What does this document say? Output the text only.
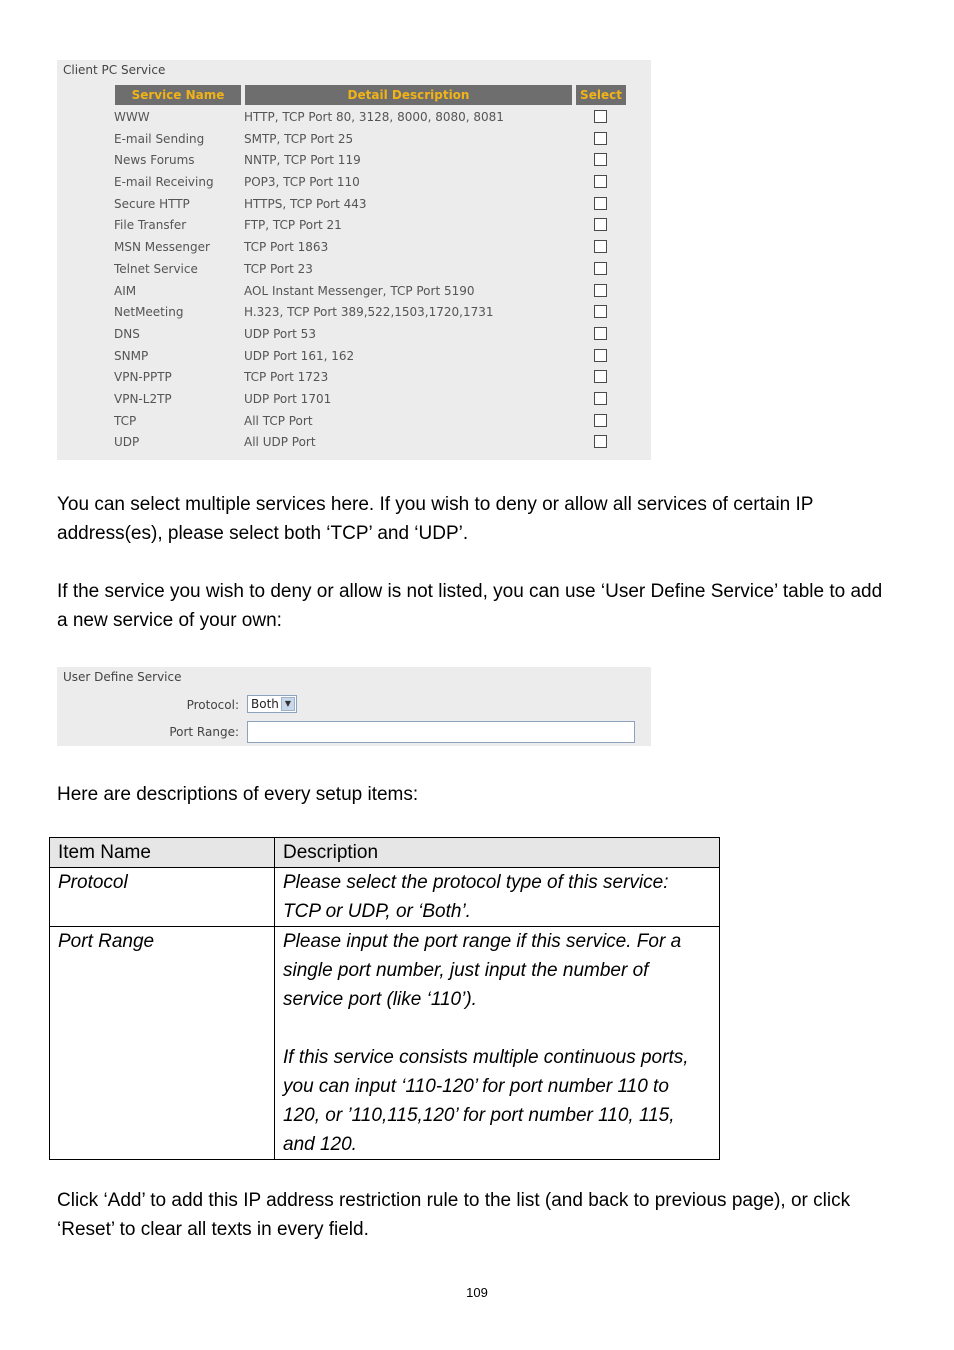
Client PC Service
Service Name	Detail Description	Select
WWW	HTTP, TCP Port 80, 3128, 8000, 8080, 8081
E-mail Sending	SMTP, TCP Port 25
News Forums	NNTP, TCP Port 119
E-mail Receiving	POP3, TCP Port 110
Secure HTTP	HTTPS, TCP Port 443
File Transfer	FTP, TCP Port 21
MSN Messenger	TCP Port 1863
Telnet Service	TCP Port 23
AIM	AOL Instant Messenger, TCP Port 5190
NetMeeting	H.323, TCP Port 389,522,1503,1720,1731
DNS	UDP Port 53
SNMP	UDP Port 161, 162
VPN-PPTP	TCP Port 1723
VPN-L2TP	UDP Port 1701
TCP	All TCP Port
UDP	All UDP Port

You can select multiple services here. If you wish to deny or allow all services of certain IP address(es), please select both ‘TCP’ and ‘UDP’.

If the service you wish to deny or allow is not listed, you can use ‘User Define Service’ table to add a new service of your own:

User Define Service
Protocol: Both ▼
Port Range:

Here are descriptions of every setup items:

Item Name	Description
Protocol	Please select the protocol type of this service: TCP or UDP, or ‘Both’.
Port Range	Please input the port range if this service. For a single port number, just input the number of service port (like ‘110’).
If this service consists multiple continuous ports, you can input ‘110-120’ for port number 110 to 120, or ’110,115,120’ for port number 110, 115, and 120.

Click ‘Add’ to add this IP address restriction rule to the list (and back to previous page), or click ‘Reset’ to clear all texts in every field.

109
